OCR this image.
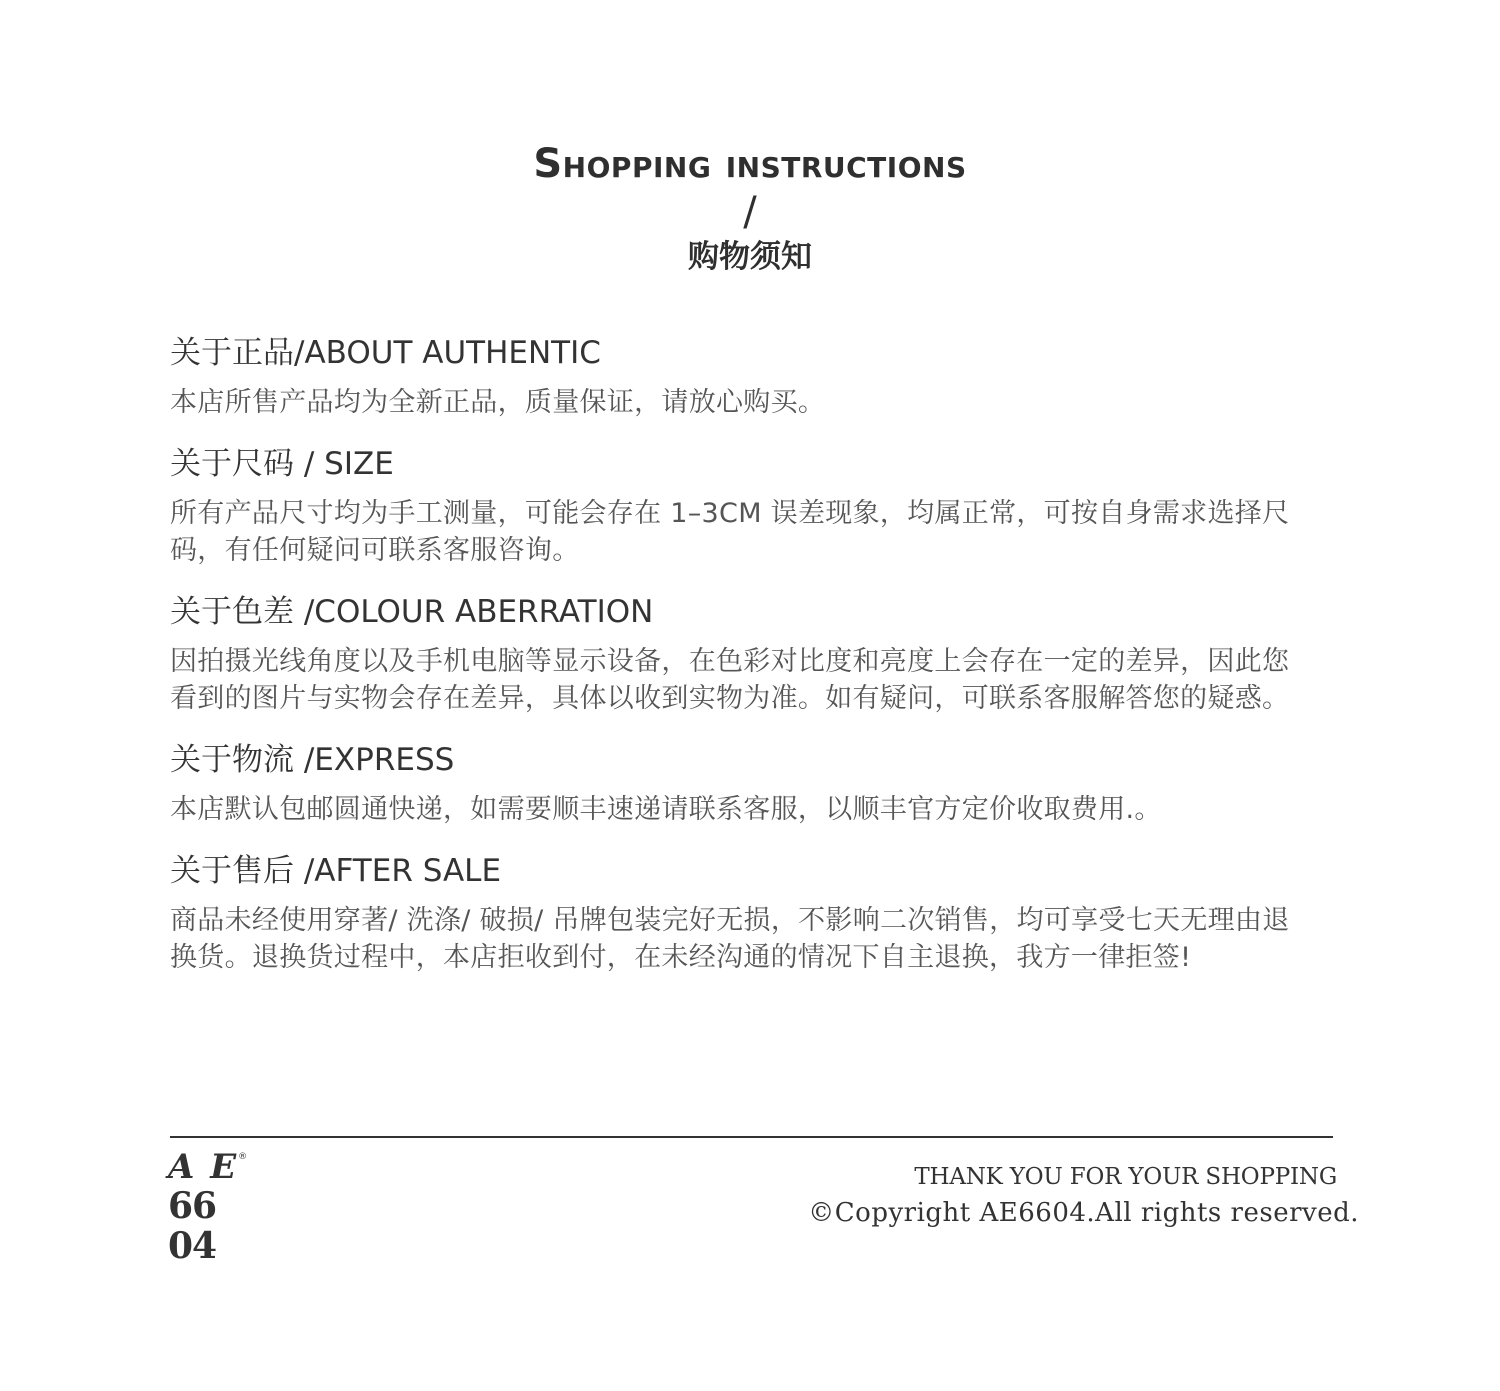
Shopping instructions
/
购物须知
关于正品/ABOUT AUTHENTIC

本店所售产品均为全新正品，质量保证，请放心购买。

关于尺码 / SIZE

所有产品尺寸均为手工测量，可能会存在 1–3CM 误差现象，均属正常，可按自身需求选择尺码，有任何疑问可联系客服咨询。

关于色差 /COLOUR ABERRATION

因拍摄光线角度以及手机电脑等显示设备，在色彩对比度和亮度上会存在一定的差异，因此您看到的图片与实物会存在差异，具体以收到实物为准。如有疑问，可联系客服解答您的疑惑。

关于物流 /EXPRESS

本店默认包邮圆通快递，如需要顺丰速递请联系客服，以顺丰官方定价收取费用.。

关于售后 /AFTER SALE

商品未经使用穿著/ 洗涤/ 破损/ 吊牌包装完好无损，不影响二次销售，均可享受七天无理由退换货。退换货过程中，本店拒收到付，在未经沟通的情况下自主退换，我方一律拒签!

A E®
66 04
THANK YOU FOR YOUR SHOPPING
©Copyright AE6604.All rights reserved.
